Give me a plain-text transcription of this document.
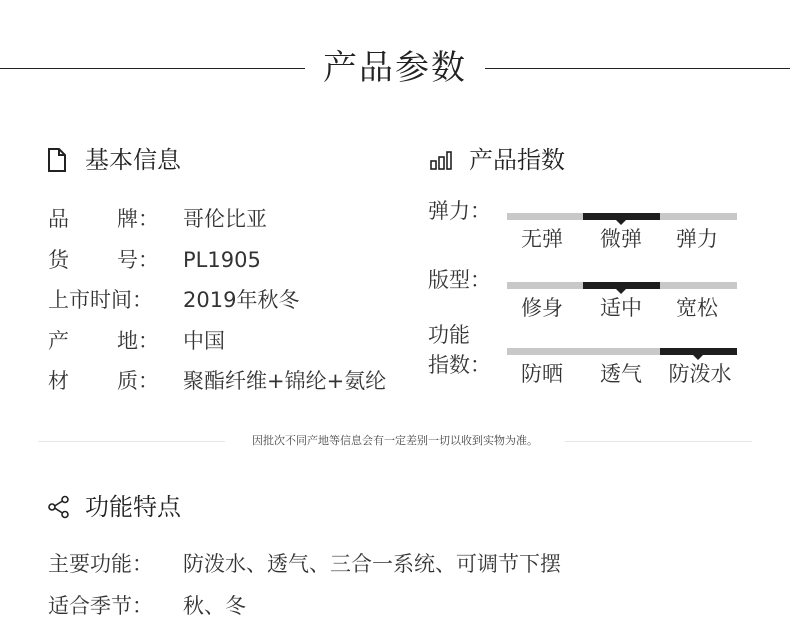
产品参数
基本信息
品 牌 ： 哥伦比亚
货 号 ： PL1905
上市时间： 2019年秋冬
产 地 ： 中国
材 质 ： 聚酯纤维+锦纶+氨纶
产品指数
弹力：
无弹	微弹	弹力
版型：
修身	适中	宽松
功能
指数：	防晒	透气	防泼水
因批次不同产地等信息会有一定差别一切以收到实物为准。
功能特点
主要功能： 防泼水、透气、三合一系统、可调节下摆
适合季节： 秋、冬
